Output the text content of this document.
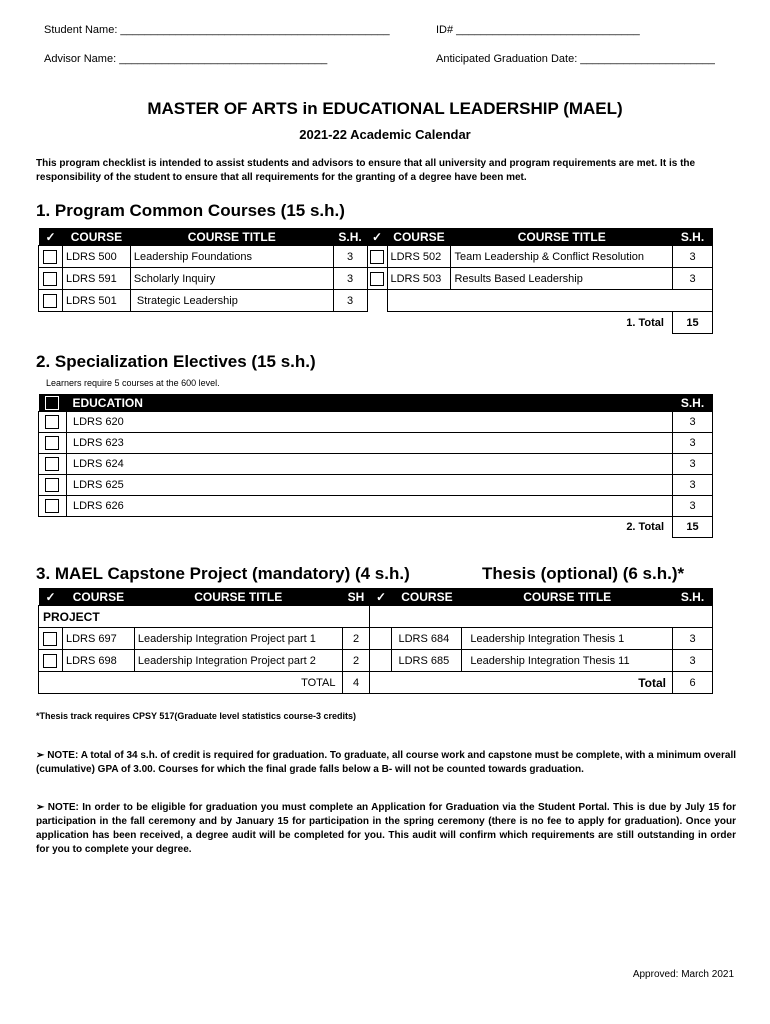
Student Name: ____________________________________________	ID# ______________________________
Advisor Name: __________________________________	Anticipated Graduation Date: ______________________
MASTER OF ARTS in EDUCATIONAL LEADERSHIP (MAEL)
2021-22 Academic Calendar
This program checklist is intended to assist students and advisors to ensure that all university and program requirements are met. It is the responsibility of the student to ensure that all requirements for the granting of a degree have been met.
1. Program Common Courses (15 s.h.)
✓	COURSE	COURSE TITLE	S.H.	✓	COURSE	COURSE TITLE	S.H.
	LDRS 500	Leadership Foundations	3		LDRS 502	Team Leadership & Conflict Resolution	3
	LDRS 591	Scholarly Inquiry	3		LDRS 503	Results Based Leadership	3
	LDRS 501	Strategic Leadership	3				
1. Total							15
2. Specialization Electives (15 s.h.)
Learners require 5 courses at the 600 level.
	EDUCATION	S.H.
	LDRS 620	3
	LDRS 623	3
	LDRS 624	3
	LDRS 625	3
	LDRS 626	3
2. Total		15
3. MAEL Capstone Project (mandatory) (4 s.h.)	Thesis (optional) (6 s.h.)*
✓	COURSE	COURSE TITLE	SH	✓	COURSE	COURSE TITLE	S.H.
PROJECT							
	LDRS 697	Leadership Integration Project part 1	2		LDRS 684	Leadership Integration Thesis 1	3
	LDRS 698	Leadership Integration Project part 2	2		LDRS 685	Leadership Integration Thesis 11	3
TOTAL			4	Total			6
*Thesis track requires CPSY 517(Graduate level statistics course-3 credits)
➢ NOTE: A total of 34 s.h. of credit is required for graduation. To graduate, all course work and capstone must be complete, with a minimum overall (cumulative) GPA of 3.00. Courses for which the final grade falls below a B- will not be counted towards graduation.
➢ NOTE: In order to be eligible for graduation you must complete an Application for Graduation via the Student Portal. This is due by July 15 for participation in the fall ceremony and by January 15 for participation in the spring ceremony (there is no fee to apply for graduation). Once your application has been received, a degree audit will be completed for you. This audit will confirm which requirements are still outstanding in order for you to complete your degree.
Approved: March 2021
